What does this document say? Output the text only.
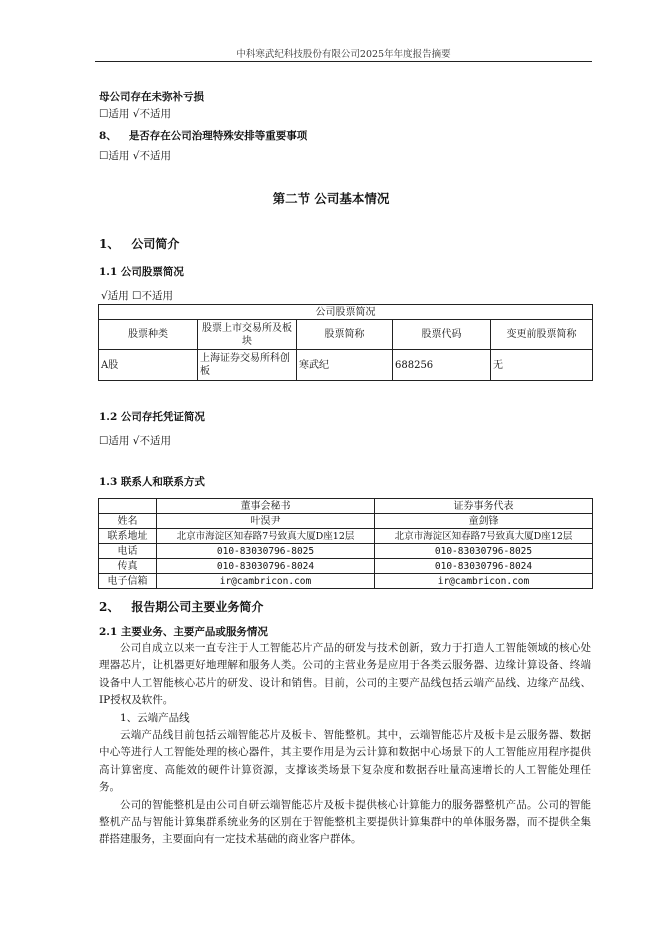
中科寒武纪科技股份有限公司2025年年度报告摘要
母公司存在未弥补亏损
☐适用 √不适用
8、 是否存在公司治理特殊安排等重要事项
☐适用 √不适用
第二节 公司基本情况
1、 公司简介
1.1 公司股票简况
√适用 ☐不适用
公司股票简况				
股票种类	股票上市交易所及板块	股票简称	股票代码	变更前股票简称
A股	上海证券交易所科创板	寒武纪	688256	无
1.2 公司存托凭证简况
☐适用 √不适用
1.3 联系人和联系方式
	董事会秘书	证券事务代表
姓名	叶淏尹	童剑锋
联系地址	北京市海淀区知春路7号致真大厦D座12层	北京市海淀区知春路7号致真大厦D座12层
电话	010-83030796-8025	010-83030796-8025
传真	010-83030796-8024	010-83030796-8024
电子信箱	ir@cambricon.com	ir@cambricon.com
2、 报告期公司主要业务简介
2.1 主要业务、主要产品或服务情况

公司自成立以来一直专注于人工智能芯片产品的研发与技术创新，致力于打造人工智能领域的核心处理器芯片，让机器更好地理解和服务人类。公司的主营业务是应用于各类云服务器、边缘计算设备、终端设备中人工智能核心芯片的研发、设计和销售。目前，公司的主要产品线包括云端产品线、边缘产品线、IP授权及软件。

1、云端产品线

云端产品线目前包括云端智能芯片及板卡、智能整机。其中，云端智能芯片及板卡是云服务器、数据中心等进行人工智能处理的核心器件，其主要作用是为云计算和数据中心场景下的人工智能应用程序提供高计算密度、高能效的硬件计算资源，支撑该类场景下复杂度和数据吞吐量高速增长的人工智能处理任务。

公司的智能整机是由公司自研云端智能芯片及板卡提供核心计算能力的服务器整机产品。公司的智能整机产品与智能计算集群系统业务的区别在于智能整机主要提供计算集群中的单体服务器，而不提供全集群搭建服务，主要面向有一定技术基础的商业客户群体。
